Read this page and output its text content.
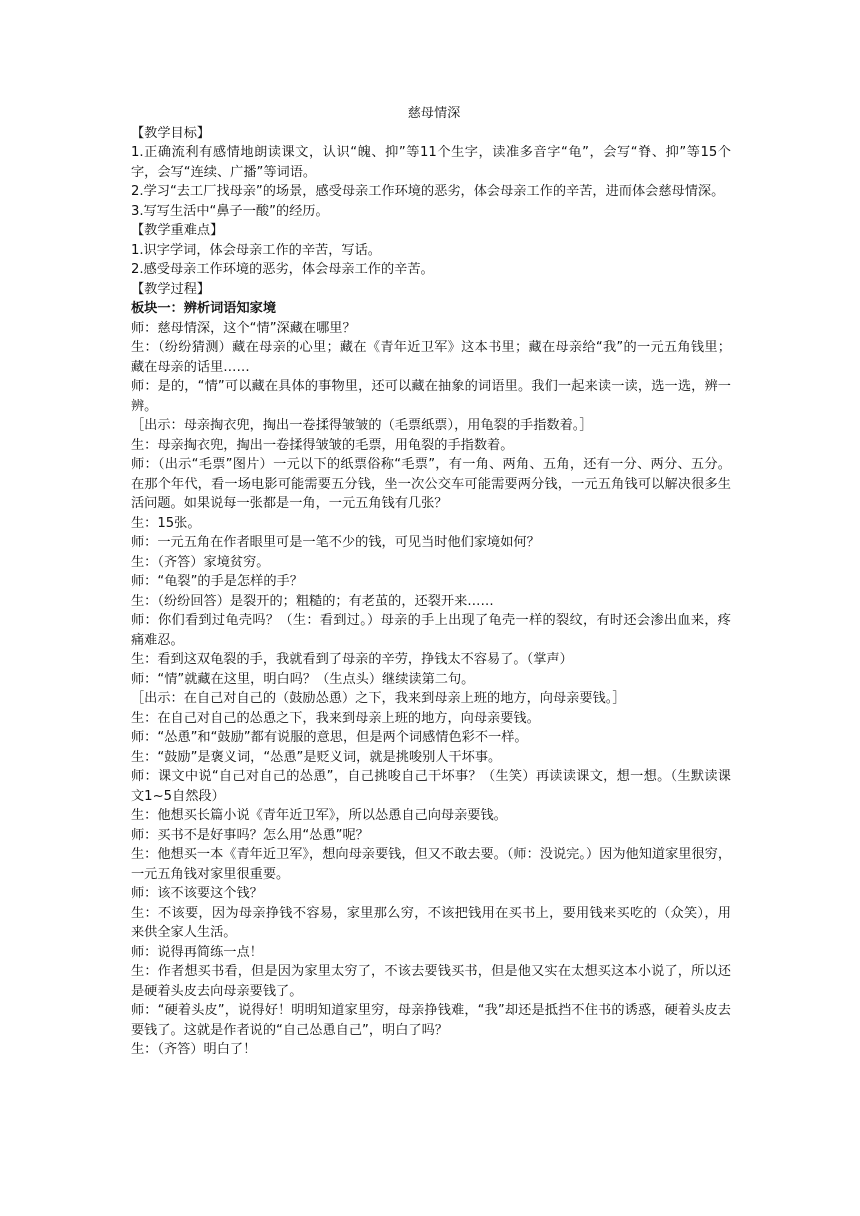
慈母情深

【教学目标】

1.正确流利有感情地朗读课文，认识“魄、抑”等11个生字，读准多音字“龟”，会写“脊、抑”等15个字，会写“连续、广播”等词语。

2.学习“去工厂找母亲”的场景，感受母亲工作环境的恶劣，体会母亲工作的辛苦，进而体会慈母情深。

3.写写生活中“鼻子一酸”的经历。

【教学重难点】

1.识字学词，体会母亲工作的辛苦，写话。

2.感受母亲工作环境的恶劣，体会母亲工作的辛苦。

【教学过程】

板块一：辨析词语知家境

师：慈母情深，这个“情”深藏在哪里？

生：（纷纷猜测）藏在母亲的心里；藏在《青年近卫军》这本书里；藏在母亲给“我”的一元五角钱里；藏在母亲的话里……

师：是的，“情”可以藏在具体的事物里，还可以藏在抽象的词语里。我们一起来读一读，选一选，辨一辨。

［出示：母亲掏衣兜，掏出一卷揉得皱皱的（毛票纸票），用龟裂的手指数着。］

生：母亲掏衣兜，掏出一卷揉得皱皱的毛票，用龟裂的手指数着。

师：（出示“毛票”图片）一元以下的纸票俗称“毛票”，有一角、两角、五角，还有一分、两分、五分。在那个年代，看一场电影可能需要五分钱，坐一次公交车可能需要两分钱，一元五角钱可以解决很多生活问题。如果说每一张都是一角，一元五角钱有几张？

生：15张。

师：一元五角在作者眼里可是一笔不少的钱，可见当时他们家境如何？

生：（齐答）家境贫穷。

师：“龟裂”的手是怎样的手？

生：（纷纷回答）是裂开的；粗糙的；有老茧的，还裂开来……

师：你们看到过龟壳吗？（生：看到过。）母亲的手上出现了龟壳一样的裂纹，有时还会渗出血来，疼痛难忍。

生：看到这双龟裂的手，我就看到了母亲的辛劳，挣钱太不容易了。（掌声）

师：“情”就藏在这里，明白吗？（生点头）继续读第二句。

［出示：在自己对自己的（鼓励怂恿）之下，我来到母亲上班的地方，向母亲要钱。］

生：在自己对自己的怂恿之下，我来到母亲上班的地方，向母亲要钱。

师：“怂恿”和“鼓励”都有说服的意思，但是两个词感情色彩不一样。

生：“鼓励”是褒义词，“怂恿”是贬义词，就是挑唆别人干坏事。

师：课文中说“自己对自己的怂恿”，自己挑唆自己干坏事？（生笑）再读读课文，想一想。（生默读课文1~5自然段）

生：他想买长篇小说《青年近卫军》，所以怂恿自己向母亲要钱。

师：买书不是好事吗？怎么用“怂恿”呢？

生：他想买一本《青年近卫军》，想向母亲要钱，但又不敢去要。（师：没说完。）因为他知道家里很穷，一元五角钱对家里很重要。

师：该不该要这个钱？

生：不该要，因为母亲挣钱不容易，家里那么穷，不该把钱用在买书上，要用钱来买吃的（众笑），用来供全家人生活。

师：说得再简练一点！

生：作者想买书看，但是因为家里太穷了，不该去要钱买书，但是他又实在太想买这本小说了，所以还是硬着头皮去向母亲要钱了。

师：“硬着头皮”，说得好！明明知道家里穷，母亲挣钱难，“我”却还是抵挡不住书的诱惑，硬着头皮去要钱了。这就是作者说的“自己怂恿自己”，明白了吗？

生：（齐答）明白了！
